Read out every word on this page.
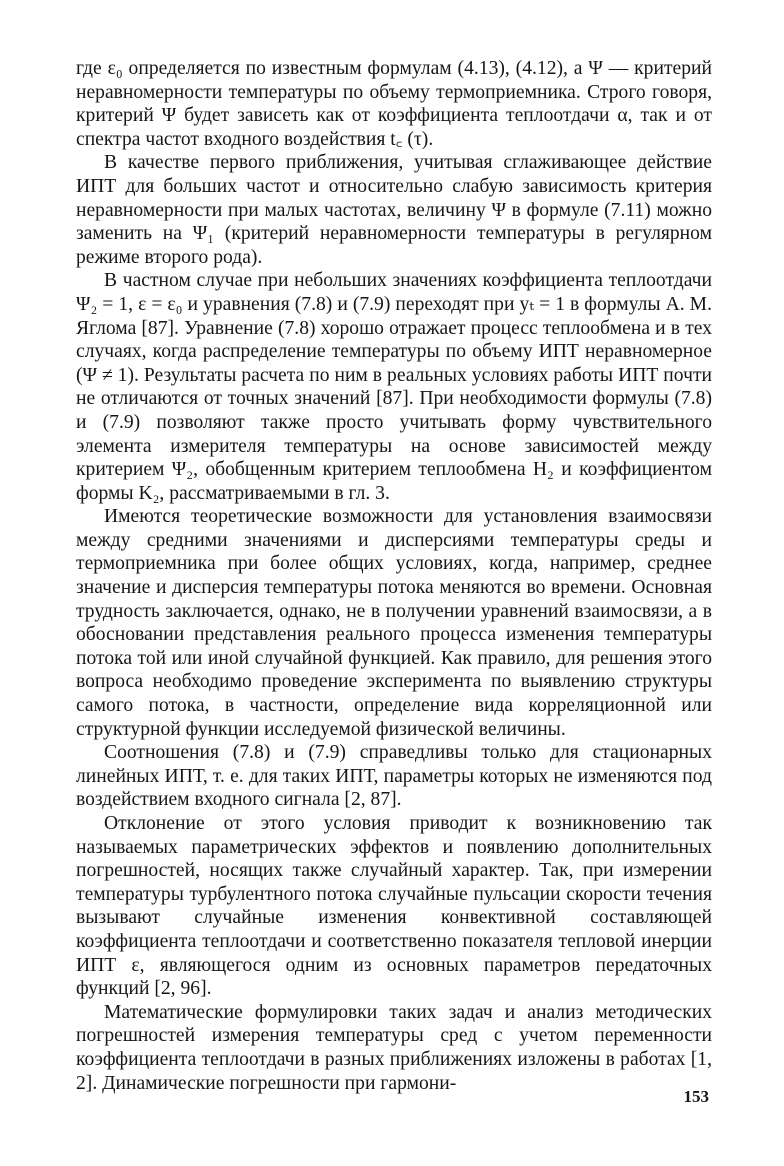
где ε₀ определяется по известным формулам (4.13), (4.12), а Ψ — критерий неравномерности температуры по объему термоприемника. Строго говоря, критерий Ψ будет зависеть как от коэффициента теплоотдачи α, так и от спектра частот входного воздействия t꜀ (τ).

В качестве первого приближения, учитывая сглаживающее действие ИПТ для больших частот и относительно слабую зависимость критерия неравномерности при малых частотах, величину Ψ в формуле (7.11) можно заменить на Ψ₁ (критерий неравномерности температуры в регулярном режиме второго рода).

В частном случае при небольших значениях коэффициента теплоотдачи Ψ₂ = 1, ε = ε₀ и уравнения (7.8) и (7.9) переходят при yₜ = 1 в формулы А. М. Яглома [87]. Уравнение (7.8) хорошо отражает процесс теплообмена и в тех случаях, когда распределение температуры по объему ИПТ неравномерное (Ψ ≠ 1). Результаты расчета по ним в реальных условиях работы ИПТ почти не отличаются от точных значений [87]. При необходимости формулы (7.8) и (7.9) позволяют также просто учитывать форму чувствительного элемента измерителя температуры на основе зависимостей между критерием Ψ₂, обобщенным критерием теплообмена H₂ и коэффициентом формы K₂, рассматриваемыми в гл. 3.

Имеются теоретические возможности для установления взаимосвязи между средними значениями и дисперсиями температуры среды и термоприемника при более общих условиях, когда, например, среднее значение и дисперсия температуры потока меняются во времени. Основная трудность заключается, однако, не в получении уравнений взаимосвязи, а в обосновании представления реального процесса изменения температуры потока той или иной случайной функцией. Как правило, для решения этого вопроса необходимо проведение эксперимента по выявлению структуры самого потока, в частности, определение вида корреляционной или структурной функции исследуемой физической величины.

Соотношения (7.8) и (7.9) справедливы только для стационарных линейных ИПТ, т. е. для таких ИПТ, параметры которых не изменяются под воздействием входного сигнала [2, 87].

Отклонение от этого условия приводит к возникновению так называемых параметрических эффектов и появлению дополнительных погрешностей, носящих также случайный характер. Так, при измерении температуры турбулентного потока случайные пульсации скорости течения вызывают случайные изменения конвективной составляющей коэффициента теплоотдачи и соответственно показателя тепловой инерции ИПТ ε, являющегося одним из основных параметров передаточных функций [2, 96].

Математические формулировки таких задач и анализ методических погрешностей измерения температуры сред с учетом переменности коэффициента теплоотдачи в разных приближениях изложены в работах [1, 2]. Динамические погрешности при гармони-

153
